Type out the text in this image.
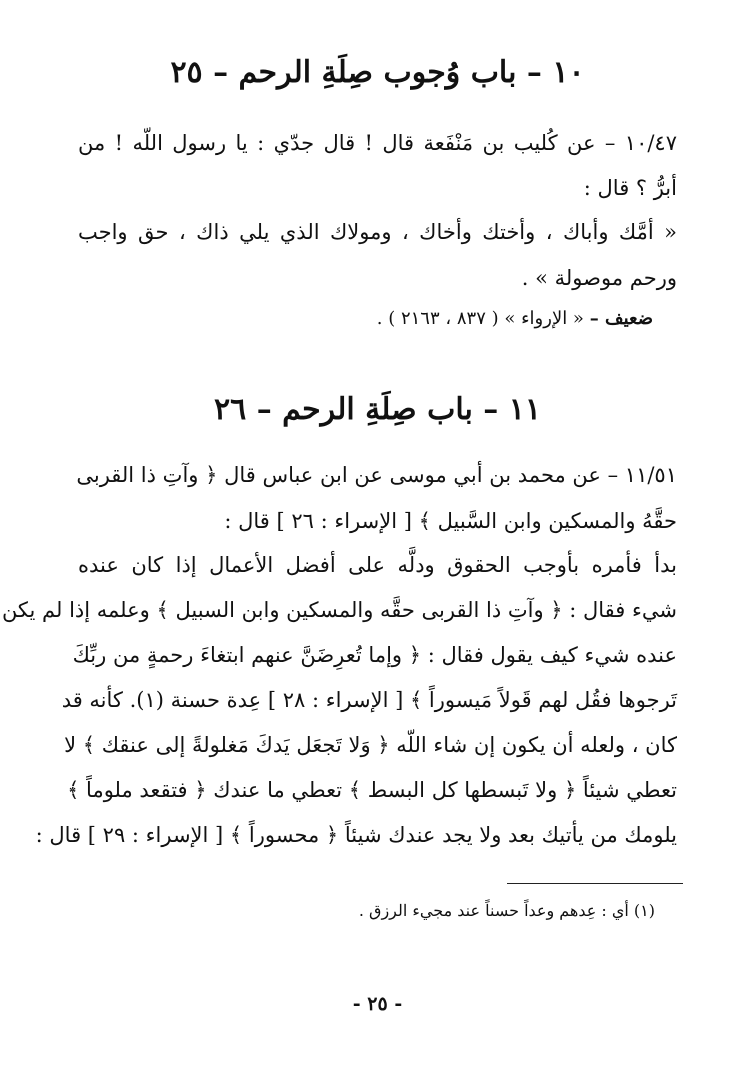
١٠ – باب وُجوب صِلَةِ الرحم – ٢٥
١٠/٤٧ – عن كُليب بن مَنْفَعة قال ! قال جدّي : يا رسول اللّه ! من
أبرُّ ؟ قال :
« أمَّك وأباك ، وأختك وأخاك ، ومولاك الذي يلي ذاك ، حق واجب
ورحم موصولة » .
ضعيف – « الإرواء » ( ٨٣٧ ، ٢١٦٣ ) .
١١ – باب صِلَةِ الرحم – ٢٦
١١/٥١ – عن محمد بن أبي موسى عن ابن عباس قال ﴿ وآتِ ذا القربى
حقَّهُ والمسكين وابن السَّبيل ﴾ [ الإسراء : ٢٦ ] قال :
بدأ فأمره بأوجب الحقوق ودلَّه على أفضل الأعمال إذا كان عنده
شيء فقال : ﴿ وآتِ ذا القربى حقَّه والمسكين وابن السبيل ﴾ وعلمه إذا لم يكن
عنده شيء كيف يقول فقال : ﴿ وإما تُعرِضَنَّ عنهم ابتغاءَ رحمةٍ من ربِّكَ
تَرجوها فقُل لهم قَولاً مَيسوراً ﴾ [ الإسراء : ٢٨ ] عِدة حسنة (١). كأنه قد
كان ، ولعله أن يكون إن شاء اللّه ﴿ وَلا تَجعَل يَدكَ مَغلولةً إلى عنقك ﴾ لا
تعطي شيئاً ﴿ ولا تَبسطها كل البسط ﴾ تعطي ما عندك ﴿ فتقعد ملوماً ﴾
يلومك من يأتيك بعد ولا يجد عندك شيئاً ﴿ محسوراً ﴾ [ الإسراء : ٢٩ ] قال :
(١) أي : عِدهم وعداً حسناً عند مجيء الرزق .
- ٢٥ -
